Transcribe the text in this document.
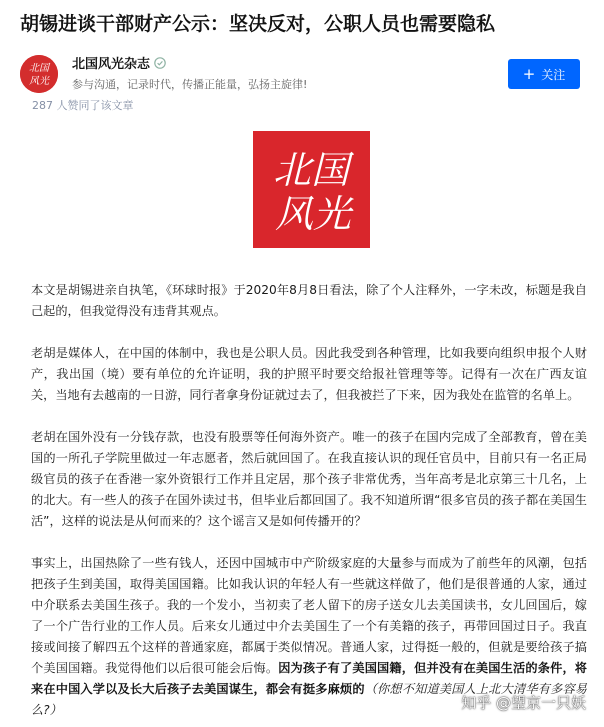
胡锡进谈干部财产公示：坚决反对，公职人员也需要隐私
北国
风光
北国风光杂志
参与沟通，记录时代，传播正能量，弘扬主旋律!
+ 关注
287 人赞同了该文章
北国
风光

本文是胡锡进亲自执笔，《环球时报》于2020年8月8日看法，除了个人注释外，一字未改，标题是我自己起的，但我觉得没有违背其观点。

老胡是媒体人，在中国的体制中，我也是公职人员。因此我受到各种管理，比如我要向组织申报个人财产，我出国（境）要有单位的允许证明，我的护照平时要交给报社管理等等。记得有一次在广西友谊关，当地有去越南的一日游，同行者拿身份证就过去了，但我被拦了下来，因为我处在监管的名单上。

老胡在国外没有一分钱存款，也没有股票等任何海外资产。唯一的孩子在国内完成了全部教育，曾在美国的一所孔子学院里做过一年志愿者，然后就回国了。在我直接认识的现任官员中，目前只有一名正局级官员的孩子在香港一家外资银行工作并且定居，那个孩子非常优秀，当年高考是北京第三十几名，上的北大。有一些人的孩子在国外读过书，但毕业后都回国了。我不知道所谓“很多官员的孩子都在美国生活”，这样的说法是从何而来的？这个谣言又是如何传播开的？

事实上，出国热除了一些有钱人，还因中国城市中产阶级家庭的大量参与而成为了前些年的风潮，包括把孩子生到美国，取得美国国籍。比如我认识的年轻人有一些就这样做了，他们是很普通的人家，通过中介联系去美国生孩子。我的一个发小，当初卖了老人留下的房子送女儿去美国读书，女儿回国后，嫁了一个广告行业的工作人员。后来女儿通过中介去美国生了一个有美籍的孩子，再带回国过日子。我直接或间接了解四五个这样的普通家庭，都属于类似情况。普通人家，过得挺一般的，但就是要给孩子搞个美国国籍。我觉得他们以后很可能会后悔。因为孩子有了美国国籍，但并没有在美国生活的条件，将来在中国入学以及长大后孩子去美国谋生，都会有挺多麻烦的（你想不知道美国人上北大清华有多容易么?）	知乎 @望京一只妖
